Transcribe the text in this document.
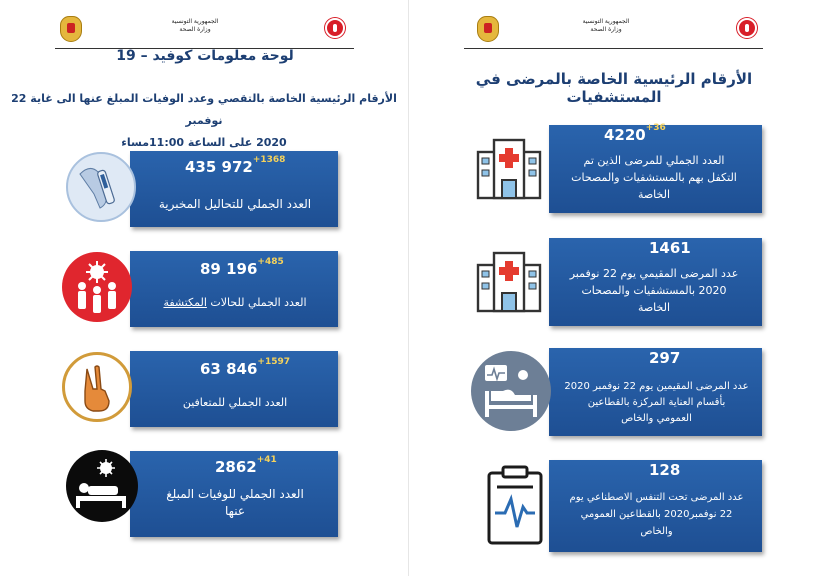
الجمهورية التونسية
وزارة الصحة
لوحة معلومات كوفيد – 19
الأرقام الرئيسية الخاصة بالتقصي وعدد الوفيات المبلغ عنها الى غاية 22 نوفمبر
2020 على الساعة 11:00مساء
435 $972^{+1368}$
العدد الجملي للتحاليل المخبرية
89 $196^{+485}$
العدد الجملي للحالات المكتشفة
63 $846^{+1597}$
العدد الجملي للمتعافين
$2862^{+41}$
العدد الجملي للوفيات المبلغ
عنها
الجمهورية التونسية
وزارة الصحة
الأرقام الرئيسية الخاصة بالمرضى في المستشفيات
$4220^{+36}$
العدد الجملي للمرضى الذين تم
التكفل بهم بالمستشفيات والمصحات
الخاصة
1461
عدد المرضى المقيمي يوم 22 نوفمبر
2020 بالمستشفيات والمصحات
الخاصة
297
عدد المرضى المقيمين يوم 22 نوفمبر 2020
بأقسام العناية المركزة بالقطاعين
العمومي والخاص
128
عدد المرضى تحت التنفس الاصطناعي يوم
22 نوفمبر2020 بالقطاعين العمومي
والخاص
